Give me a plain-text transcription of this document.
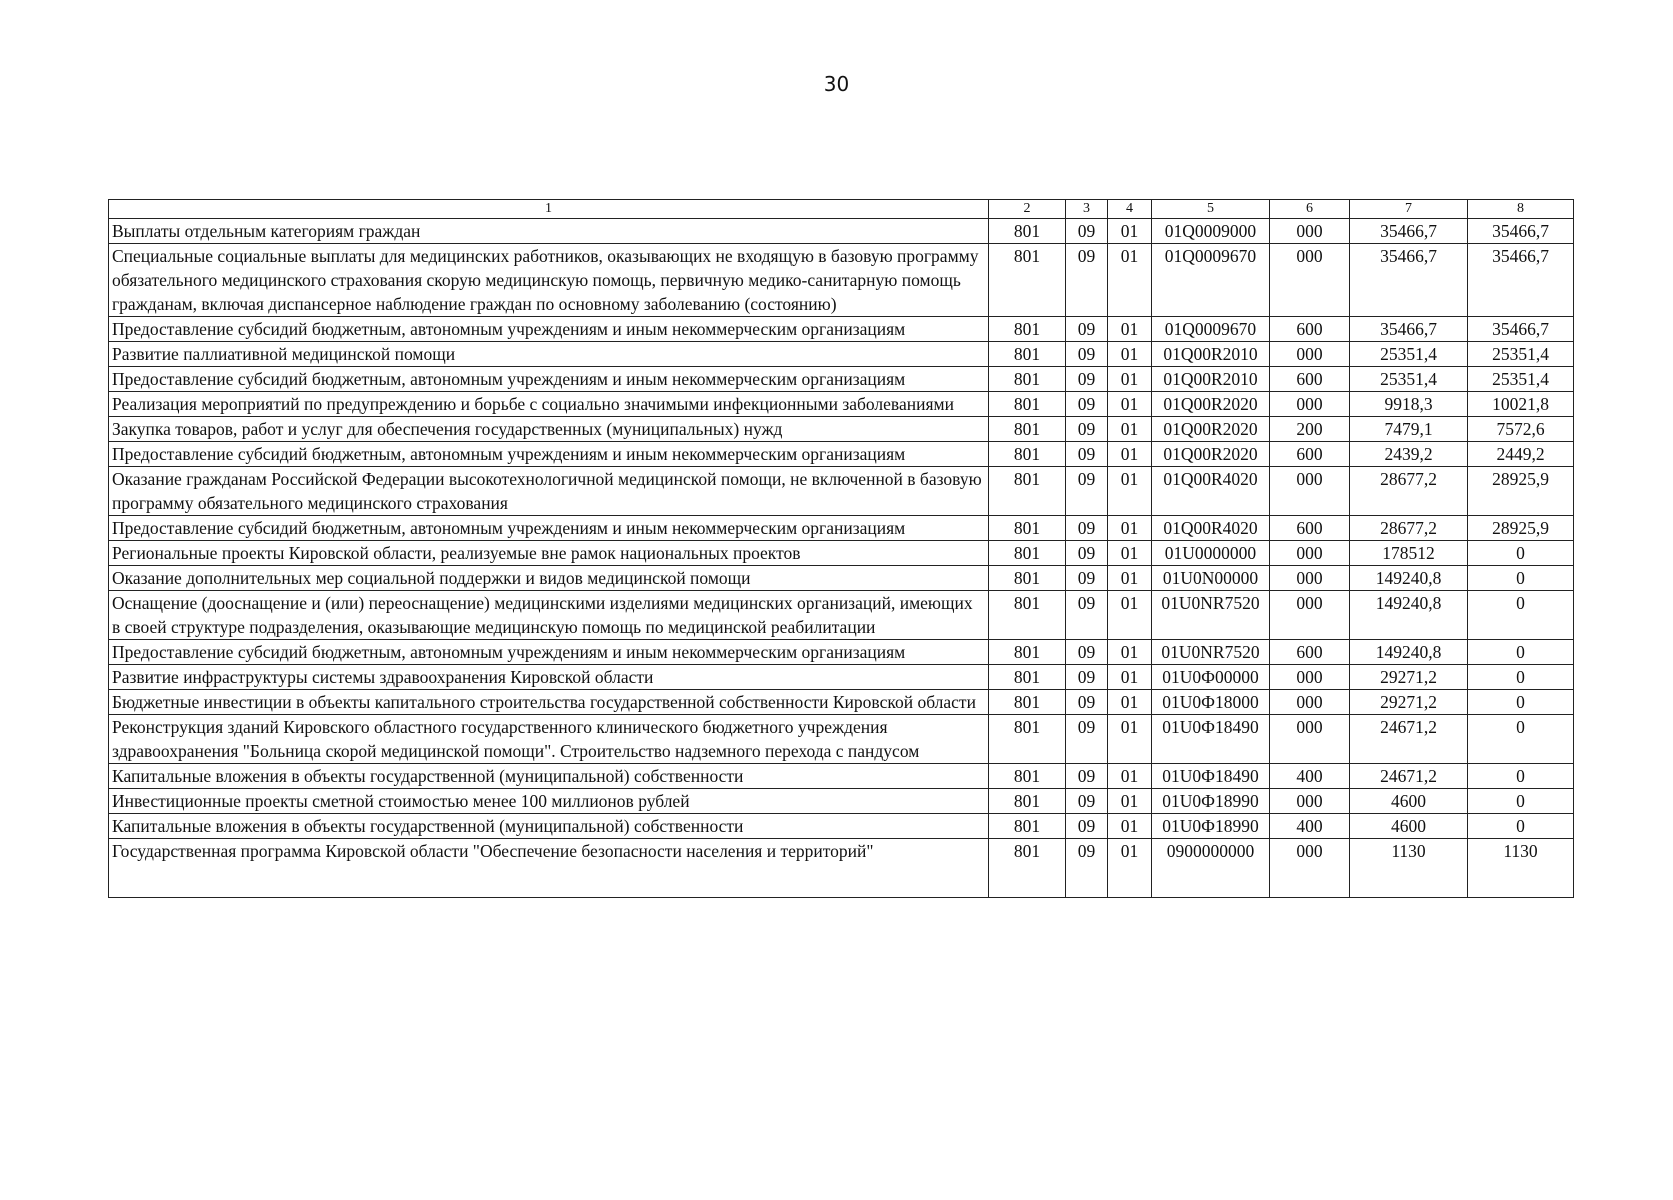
30
1	2	3	4	5	6	7	8
Выплаты отдельным категориям граждан	801	09	01	01Q0009000	000	35466,7	35466,7
Специальные социальные выплаты для медицинских работников, оказывающих не входящую в базовую программу обязательного медицинского страхования скорую медицинскую помощь, первичную медико-санитарную помощь гражданам, включая диспансерное наблюдение граждан по основному заболеванию (состоянию)	801	09	01	01Q0009670	000	35466,7	35466,7
Предоставление субсидий бюджетным, автономным учреждениям и иным некоммерческим организациям	801	09	01	01Q0009670	600	35466,7	35466,7
Развитие паллиативной медицинской помощи	801	09	01	01Q00R2010	000	25351,4	25351,4
Предоставление субсидий бюджетным, автономным учреждениям и иным некоммерческим организациям	801	09	01	01Q00R2010	600	25351,4	25351,4
Реализация мероприятий по предупреждению и борьбе с социально значимыми инфекционными заболеваниями	801	09	01	01Q00R2020	000	9918,3	10021,8
Закупка товаров, работ и услуг для обеспечения государственных (муниципальных) нужд	801	09	01	01Q00R2020	200	7479,1	7572,6
Предоставление субсидий бюджетным, автономным учреждениям и иным некоммерческим организациям	801	09	01	01Q00R2020	600	2439,2	2449,2
Оказание гражданам Российской Федерации высокотехнологичной медицинской помощи, не включенной в базовую программу обязательного медицинского страхования	801	09	01	01Q00R4020	000	28677,2	28925,9
Предоставление субсидий бюджетным, автономным учреждениям и иным некоммерческим организациям	801	09	01	01Q00R4020	600	28677,2	28925,9
Региональные проекты Кировской области, реализуемые вне рамок национальных проектов	801	09	01	01U0000000	000	178512	0
Оказание дополнительных мер социальной поддержки и видов медицинской помощи	801	09	01	01U0N00000	000	149240,8	0
Оснащение (дооснащение и (или) переоснащение) медицинскими изделиями медицинских организаций, имеющих в своей структуре подразделения, оказывающие медицинскую помощь по медицинской реабилитации	801	09	01	01U0NR7520	000	149240,8	0
Предоставление субсидий бюджетным, автономным учреждениям и иным некоммерческим организациям	801	09	01	01U0NR7520	600	149240,8	0
Развитие инфраструктуры системы здравоохранения Кировской области	801	09	01	01U0Ф00000	000	29271,2	0
Бюджетные инвестиции в объекты капитального строительства государственной собственности Кировской области	801	09	01	01U0Ф18000	000	29271,2	0
Реконструкция зданий Кировского областного государственного клинического бюджетного учреждения здравоохранения "Больница скорой медицинской помощи". Строительство надземного перехода с пандусом	801	09	01	01U0Ф18490	000	24671,2	0
Капитальные вложения в объекты государственной (муниципальной) собственности	801	09	01	01U0Ф18490	400	24671,2	0
Инвестиционные проекты сметной стоимостью менее 100 миллионов рублей	801	09	01	01U0Ф18990	000	4600	0
Капитальные вложения в объекты государственной (муниципальной) собственности	801	09	01	01U0Ф18990	400	4600	0
Государственная программа Кировской области "Обеспечение безопасности населения и территорий"	801	09	01	0900000000	000	1130	1130
